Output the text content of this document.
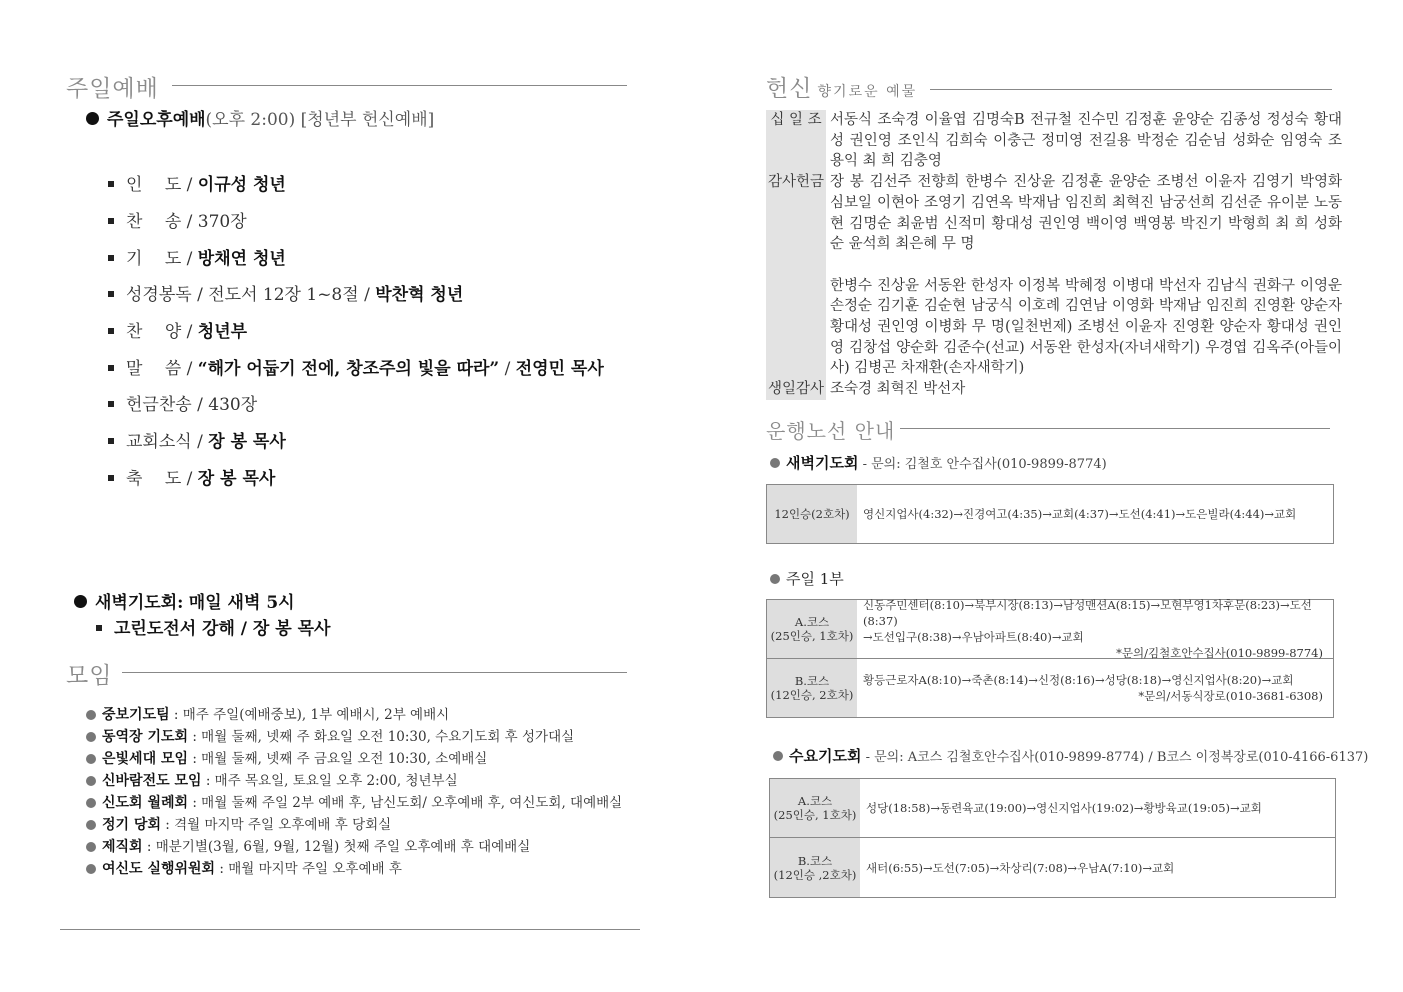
주일예배
주일오후예배(오후 2:00) [청년부 헌신예배]
인 　도 / 이규성 청년
찬 　송 / 370장
기 　도 / 방채연 청년
성경봉독 / 전도서 12장 1~8절 / 박찬혁 청년
찬 　양 / 청년부
말 　씀 / “해가 어둡기 전에, 창조주의 빛을 따라” / 전영민 목사
헌금찬송 / 430장
교회소식 / 장 봉 목사
축 　도 / 장 봉 목사
새벽기도회: 매일 새벽 5시
고린도전서 강해 / 장 봉 목사
모임
중보기도팀 : 매주 주일(예배중보), 1부 예배시, 2부 예배시
동역장 기도회 : 매월 둘째, 넷째 주 화요일 오전 10:30, 수요기도회 후 성가대실
은빛세대 모임 : 매월 둘째, 넷째 주 금요일 오전 10:30, 소예배실
신바람전도 모임 : 매주 목요일, 토요일 오후 2:00, 청년부실
신도회 월례회 : 매월 둘째 주일 2부 예배 후, 남신도회/ 오후예배 후, 여신도회, 대예배실
정기 당회 : 격월 마지막 주일 오후예배 후 당회실
제직회 : 매분기별(3월, 6월, 9월, 12월) 첫째 주일 오후예배 후 대예배실
여신도 실행위원회 : 매월 마지막 주일 오후예배 후
헌신 향기로운 예물
십 일 조 서동식 조숙경 이율엽 김명숙B 전규철 진수민 김정훈 윤양순 김종성 정성숙 황대성 권인영 조인식 김희숙 이충근 정미영 전길용 박정순 김순님 성화순 임영숙 조용익 최 희 김충영
감사헌금 장 봉 김선주 전향희 한병수 진상윤 김정훈 윤양순 조병선 이윤자 김영기 박영화 심보일 이현아 조영기 김연옥 박재남 임진희 최혁진 남궁선희 김선준 유이분 노동현 김명순 최윤범 신적미 황대성 권인영 백이영 백영봉 박진기 박형희 최 희 성화순 윤석희 최은혜 무 명

한병수 진상윤 서동완 한성자 이정복 박혜정 이병대 박선자 김남식 권화구 이영운 손정순 김기훈 김순현 남궁식 이호례 김연남 이영화 박재남 임진희 진영환 양순자 황대성 권인영 이병화 무 명(일천번제) 조병선 이윤자 진영환 양순자 황대성 권인영 김창섭 양순화 김준수(선교) 서동완 한성자(자녀새학기) 우경엽 김옥주(아들이사) 김병곤 차재환(손자새학기)
생일감사 조숙경 최혁진 박선자
운행노선 안내
새벽기도회 - 문의: 김철호 안수집사(010-9899-8774)
12인승(2호차) 영신지업사(4:32)→진경여고(4:35)→교회(4:37)→도선(4:41)→도은빌라(4:44)→교회
주일 1부
A.코스
(25인승, 1호차)
신동주민센터(8:10)→북부시장(8:13)→남성맨션A(8:15)→모현부영1차후문(8:23)→도선(8:37)
→도선입구(8:38)→우남아파트(8:40)→교회
*문의/김철호안수집사(010-9899-8774)
B.코스
(12인승, 2호차)
황등근로자A(8:10)→죽촌(8:14)→신정(8:16)→성당(8:18)→영신지업사(8:20)→교회
*문의/서동식장로(010-3681-6308)
수요기도회 - 문의: A코스 김철호안수집사(010-9899-8774) / B코스 이정복장로(010-4166-6137)
A.코스
(25인승, 1호차) 성당(18:58)→동련육교(19:00)→영신지업사(19:02)→황방육교(19:05)→교회
B.코스
(12인승 ,2호차) 새터(6:55)→도선(7:05)→차상리(7:08)→우남A(7:10)→교회
